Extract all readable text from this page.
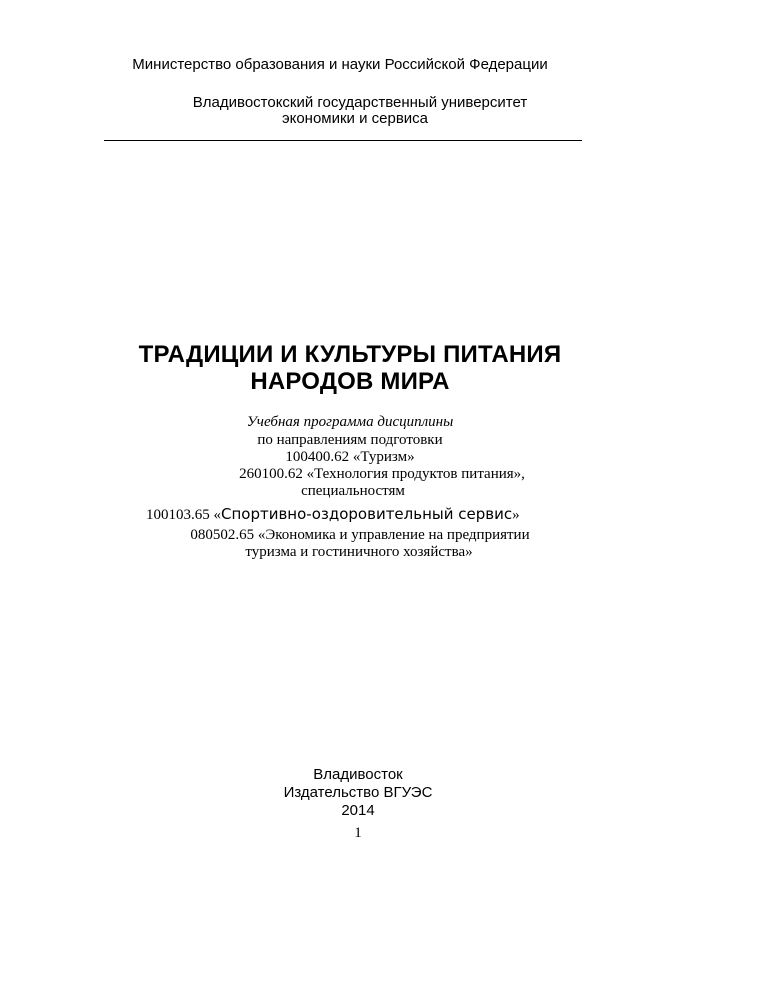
Министерство образования и науки Российской Федерации

Владивостокский государственный университет

экономики и сервиса

ТРАДИЦИИ И КУЛЬТУРЫ ПИТАНИЯ
НАРОДОВ МИРА

Учебная программа дисциплины

по направлениям подготовки

100400.62 «Туризм»

260100.62 «Технология продуктов питания»,

специальностям

100103.65 «Спортивно-оздоровительный сервис»

080502.65 «Экономика и управление на предприятии

туризма и гостиничного хозяйства»

Владивосток

Издательство ВГУЭС

2014

1
